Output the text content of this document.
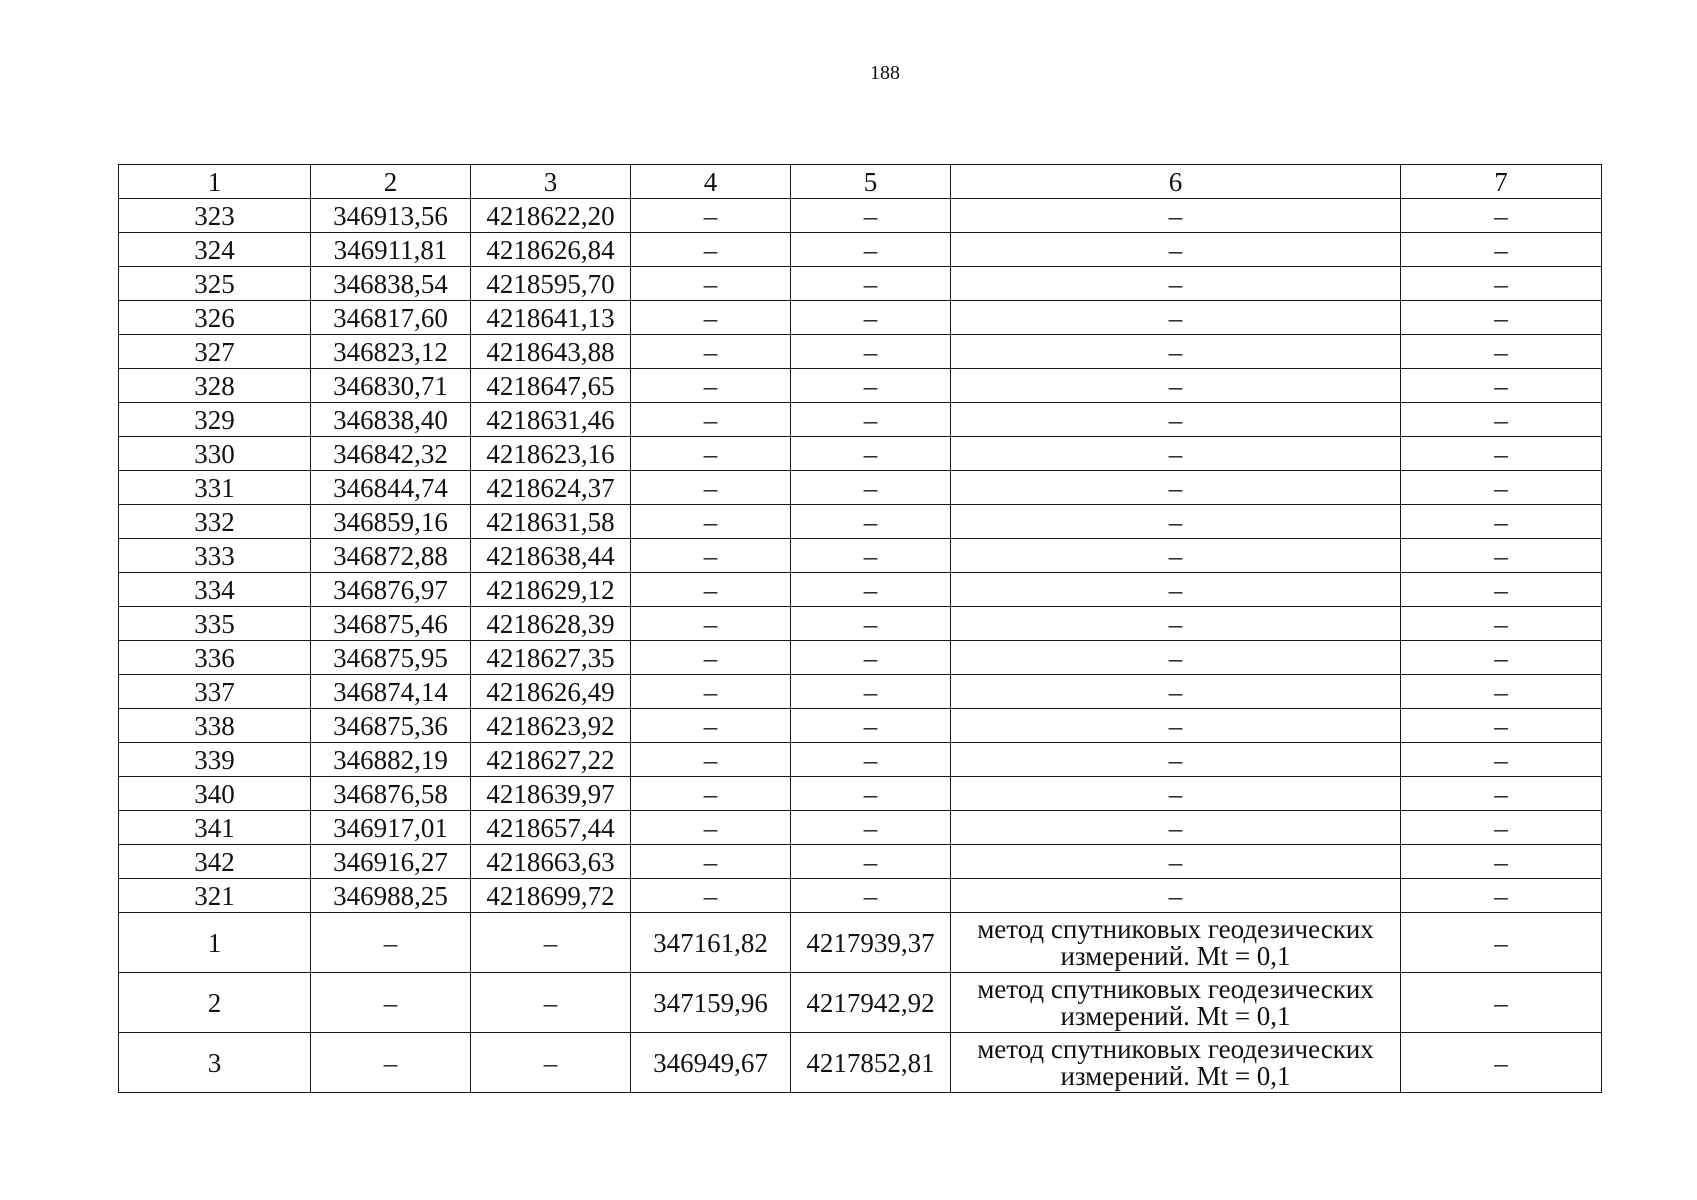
188
1	2	3	4	5	6	7
323	346913,56	4218622,20	–	–	–	–
324	346911,81	4218626,84	–	–	–	–
325	346838,54	4218595,70	–	–	–	–
326	346817,60	4218641,13	–	–	–	–
327	346823,12	4218643,88	–	–	–	–
328	346830,71	4218647,65	–	–	–	–
329	346838,40	4218631,46	–	–	–	–
330	346842,32	4218623,16	–	–	–	–
331	346844,74	4218624,37	–	–	–	–
332	346859,16	4218631,58	–	–	–	–
333	346872,88	4218638,44	–	–	–	–
334	346876,97	4218629,12	–	–	–	–
335	346875,46	4218628,39	–	–	–	–
336	346875,95	4218627,35	–	–	–	–
337	346874,14	4218626,49	–	–	–	–
338	346875,36	4218623,92	–	–	–	–
339	346882,19	4218627,22	–	–	–	–
340	346876,58	4218639,97	–	–	–	–
341	346917,01	4218657,44	–	–	–	–
342	346916,27	4218663,63	–	–	–	–
321	346988,25	4218699,72	–	–	–	–
1	–	–	347161,82	4217939,37	метод спутниковых геодезических измерений. Mt = 0,1	–
2	–	–	347159,96	4217942,92	метод спутниковых геодезических измерений. Mt = 0,1	–
3	–	–	346949,67	4217852,81	метод спутниковых геодезических измерений. Mt = 0,1	–
